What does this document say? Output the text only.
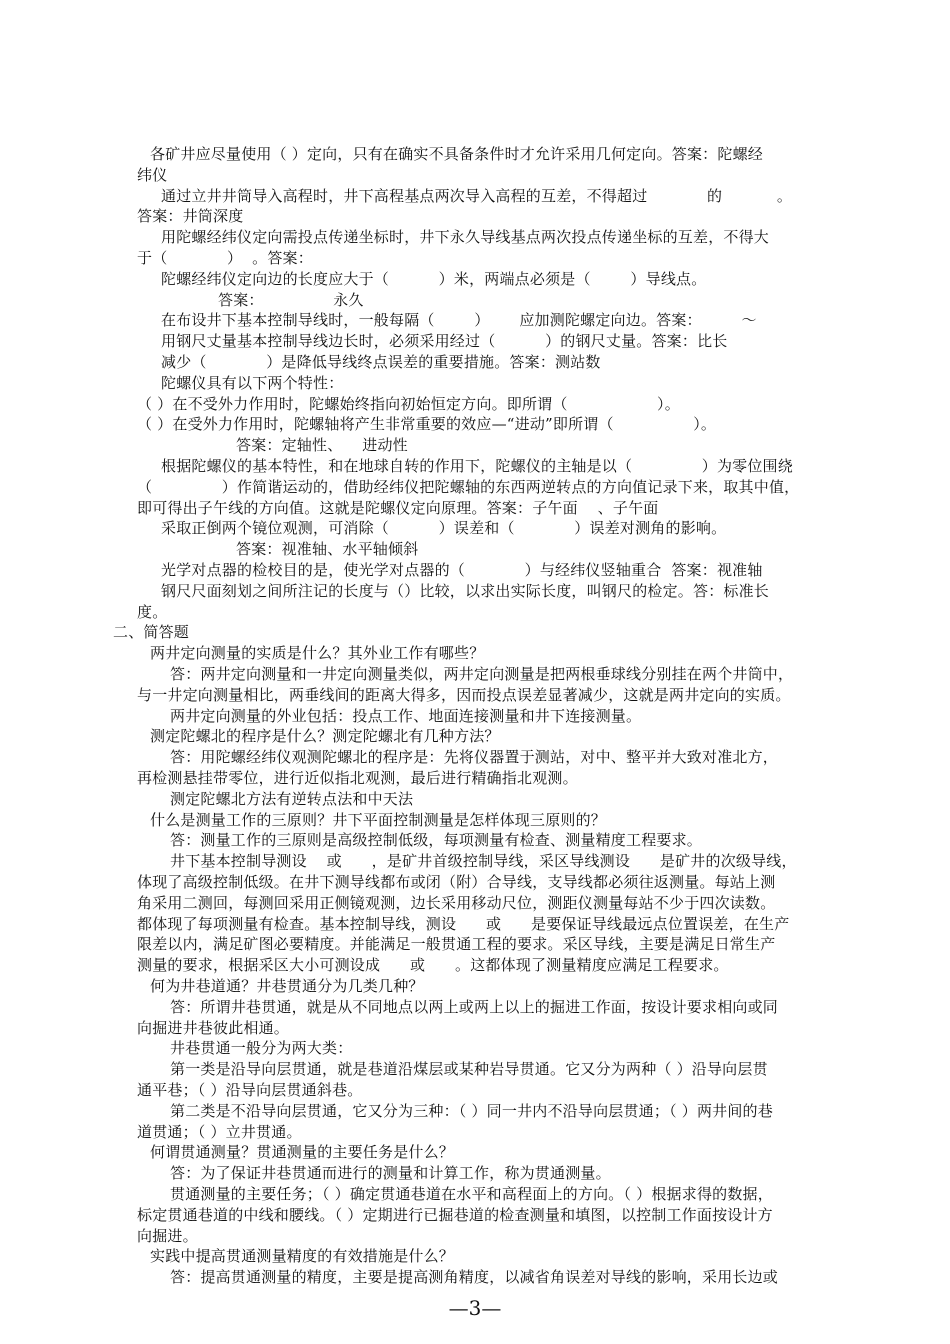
各矿井应尽量使用（ ）定向，只有在确实不具备条件时才允许采用几何定向。答案：陀螺经
纬仪
通过立井井筒导入高程时，井下高程基点两次导入高程的互差，不得超过            的           。
答案：井筒深度
用陀螺经纬仪定向需投点传递坐标时，井下永久导线基点两次投点传递坐标的互差，不得大
于（            ）  。答案：
陀螺经纬仪定向边的长度应大于（          ）米，两端点必须是（        ）导线点。
答案：              永久
在布设井下基本控制导线时，一般每隔（        ）      应加测陀螺定向边。答案：        ～
用钢尺丈量基本控制导线边长时，必须采用经过（          ）的钢尺丈量。答案：比长
减少（            ）是降低导线终点误差的重要措施。答案：测站数
陀螺仪具有以下两个特性：
（ ）在不受外力作用时，陀螺始终指向初始恒定方向。即所谓（                  ）。
（ ）在受外力作用时，陀螺轴将产生非常重要的效应—“进动”即所谓（                ）。
答案：定轴性、    进动性
根据陀螺仪的基本特性，和在地球自转的作用下，陀螺仪的主轴是以（              ）为零位围绕
（              ）作简谐运动的，借助经纬仪把陀螺轴的东西两逆转点的方向值记录下来，取其中值，
即可得出子午线的方向值。这就是陀螺仪定向原理。答案：子午面    、子午面
采取正倒两个镜位观测，可消除（          ）误差和（            ）误差对测角的影响。
答案：视准轴、水平轴倾斜
光学对点器的检校目的是，使光学对点器的（            ）与经纬仪竖轴重合  答案：视准轴
钢尺尺面刻划之间所注记的长度与（）比较，以求出实际长度，叫钢尺的检定。答：标准长
度。
二、简答题
两井定向测量的实质是什么？其外业工作有哪些？
答：两井定向测量和一井定向测量类似，两井定向测量是把两根垂球线分别挂在两个井筒中，
与一井定向测量相比，两垂线间的距离大得多，因而投点误差显著减少，这就是两井定向的实质。
两井定向测量的外业包括：投点工作、地面连接测量和井下连接测量。
测定陀螺北的程序是什么？测定陀螺北有几种方法？
答：用陀螺经纬仪观测陀螺北的程序是：先将仪器置于测站，对中、整平并大致对准北方，
再检测悬挂带零位，进行近似指北观测，最后进行精确指北观测。
测定陀螺北方法有逆转点法和中天法
什么是测量工作的三原则？井下平面控制测量是怎样体现三原则的？
答：测量工作的三原则是高级控制低级，每项测量有检查、测量精度工程要求。
井下基本控制导测设    或      ，是矿井首级控制导线，采区导线测设      是矿井的次级导线，
体现了高级控制低级。在井下测导线都布或闭（附）合导线，支导线都必须往返测量。每站上测
角采用二测回，每测回采用正侧镜观测，边长采用移动尺位，测距仪测量每站不少于四次读数。
都体现了每项测量有检查。基本控制导线，测设      或      是要保证导线最远点位置误差，在生产
限差以内，满足矿图必要精度。并能满足一般贯通工程的要求。采区导线，主要是满足日常生产
测量的要求，根据采区大小可测设成      或      。这都体现了测量精度应满足工程要求。
何为井巷道通？井巷贯通分为几类几种？
答：所谓井巷贯通，就是从不同地点以两上或两上以上的掘进工作面，按设计要求相向或同
向掘进井巷彼此相通。
井巷贯通一般分为两大类：
第一类是沿导向层贯通，就是巷道沿煤层或某种岩导贯通。它又分为两种（ ）沿导向层贯
通平巷；（ ）沿导向层贯通斜巷。
第二类是不沿导向层贯通，它又分为三种：（ ）同一井内不沿导向层贯通；（ ）两井间的巷
道贯通；（ ）立井贯通。
何谓贯通测量？贯通测量的主要任务是什么？
答：为了保证井巷贯通而进行的测量和计算工作，称为贯通测量。
贯通测量的主要任务；（ ）确定贯通巷道在水平和高程面上的方向。（ ）根据求得的数据，
标定贯通巷道的中线和腰线。（ ）定期进行已掘巷道的检查测量和填图，以控制工作面按设计方
向掘进。
实践中提高贯通测量精度的有效措施是什么？
答：提高贯通测量的精度，主要是提高测角精度，以减省角误差对导线的影响，采用长边或
—3—
